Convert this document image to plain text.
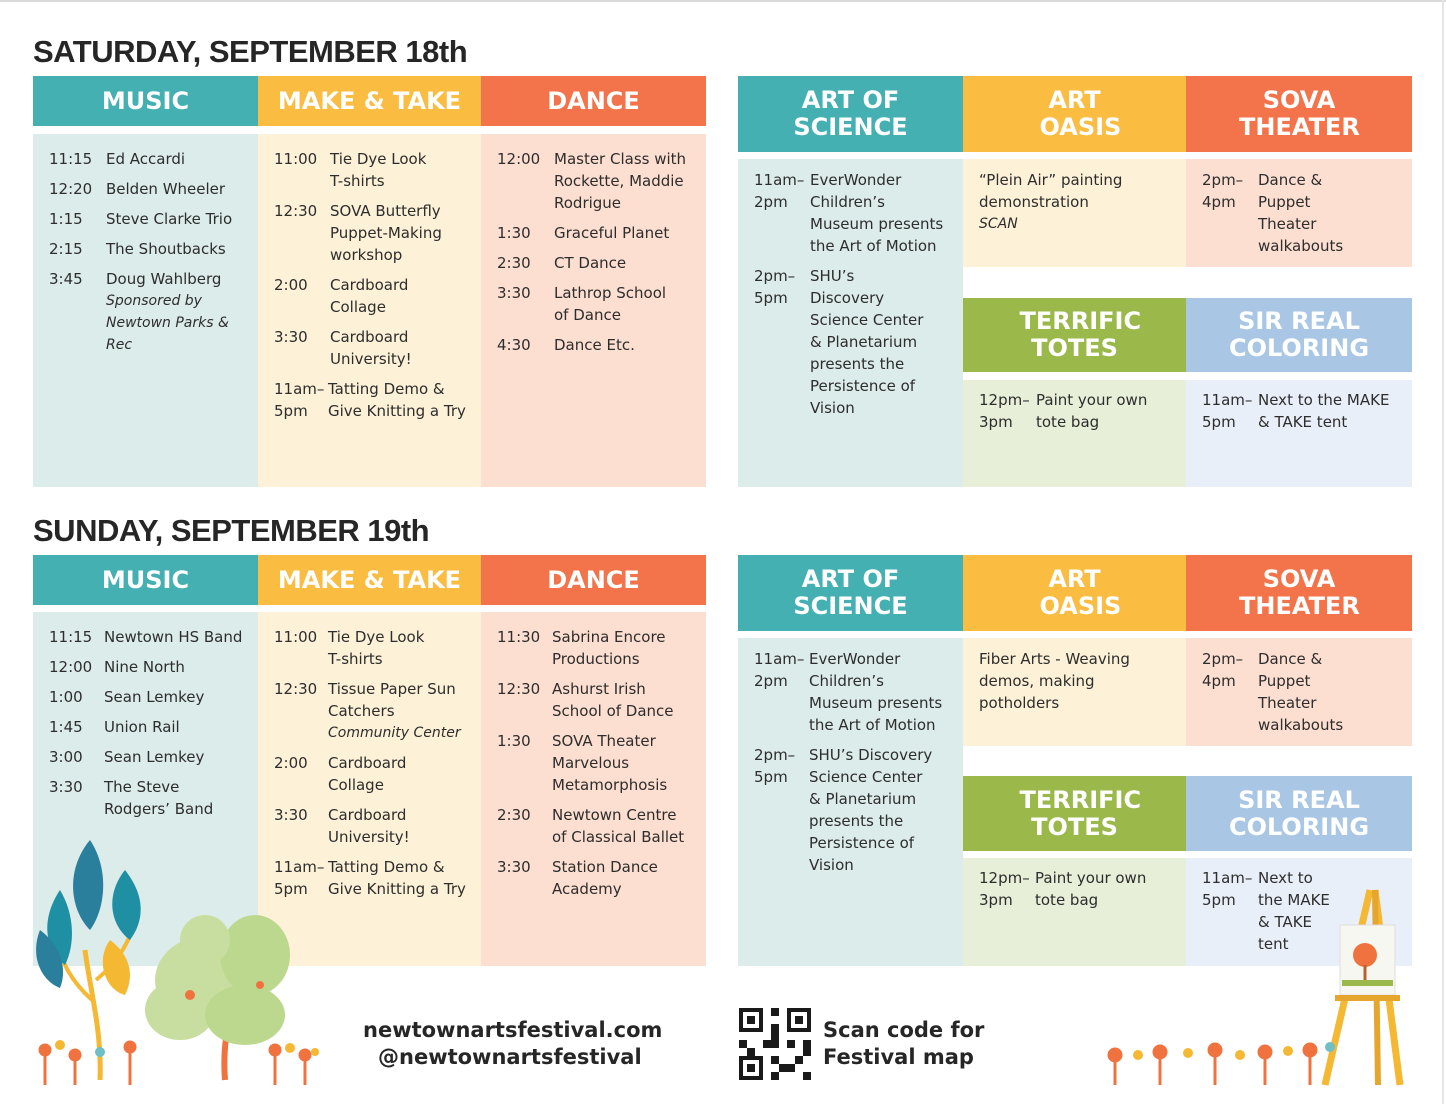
SATURDAY, SEPTEMBER 18th
MUSIC	MAKE & TAKE	DANCE
11:15 Ed Accardi
12:20 Belden Wheeler
1:15	Steve Clarke Trio
2:15	The Shoutbacks
3:45	Doug Wahlberg
Sponsored by Newtown Parks & Rec
11:00 Tie Dye Look T-shirts
12:30 SOVA Butterfly Puppet-Making workshop
2:00	Cardboard Collage
3:30	Cardboard University!
11am– 5pm
Tatting Demo & Give Knitting a Try
12:00 Master Class with Rockette, Maddie Rodrigue
1:30	Graceful Planet
2:30	CT Dance
3:30	Lathrop School of Dance
4:30	Dance Etc.
ART OF SCIENCE
ART OASIS
SOVA THEATER
11am– 2pm
EverWonder Children’s Museum presents the Art of Motion
2pm– 5pm
SHU’s Discovery Science Center & Planetarium presents the Persistence of Vision
“Plein Air” painting demonstration
SCAN
2pm– 4pm
Dance & Puppet Theater walkabouts
TERRIFIC TOTES
SIR REAL COLORING
12pm– 3pm
Paint your own tote bag
11am– 5pm
Next to the MAKE & TAKE tent
SUNDAY, SEPTEMBER 19th
MUSIC	MAKE & TAKE	DANCE
11:15 Newtown HS Band
12:00 Nine North
1:00	Sean Lemkey
1:45	Union Rail
3:00	Sean Lemkey
3:30	The Steve Rodgers’ Band
11:00 Tie Dye Look T-shirts
12:30 Tissue Paper Sun Catchers
Community Center
2:00	Cardboard Collage
3:30	Cardboard University!
11am– 5pm
Tatting Demo & Give Knitting a Try
11:30 Sabrina Encore Productions
12:30 Ashurst Irish School of Dance
1:30	SOVA Theater Marvelous Metamorphosis
2:30	Newtown Centre of Classical Ballet
3:30	Station Dance Academy
ART OF SCIENCE
ART OASIS
SOVA THEATER
11am– 2pm
EverWonder Children’s Museum presents the Art of Motion
2pm– 5pm
SHU’s Discovery Science Center & Planetarium presents the Persistence of Vision
Fiber Arts - Weaving demos, making potholders
2pm– 4pm
Dance & Puppet Theater walkabouts
TERRIFIC TOTES
SIR REAL COLORING
12pm– 3pm
Paint your own tote bag
11am– 5pm
Next to the MAKE & TAKE tent
newtownartsfestival.com
@newtownartsfestival
Scan code for
Festival map
